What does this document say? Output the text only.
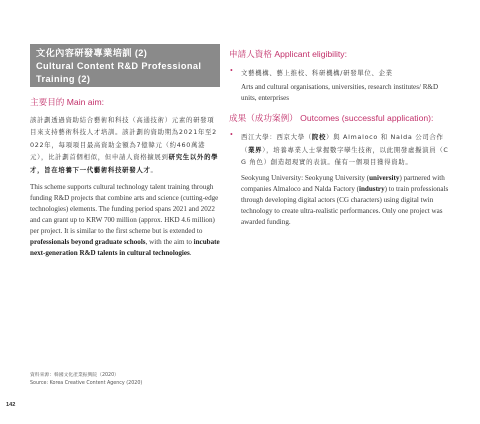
文化內容研發專業培訓 (2)
Cultural Content R&D Professional
Training (2)
主要目的 Main aim:
該計劃透過資助結合藝術和科技（高通技術）元素的研發項目來支持藝術科技人才培訓。該計劃的資助期為2021年至2022年，每項項目最高資助金額為7億韓元（約460萬港元），比計劃首個相似，但申請人資格擴展到研究生以外的學才，旨在培養下一代藝術科技研發人才。
This scheme supports cultural technology talent training through funding R&D projects that combine arts and science (cutting-edge technologies) elements. The funding period spans 2021 and 2022 and can grant up to KRW 700 million (approx. HKD 4.6 million) per project. It is similar to the first scheme but is extended to professionals beyond graduate schools, with the aim to incubate next-generation R&D talents in cultural technologies.
申請人資格 Applicant eligibility:
• 文藝機構、藝上推校、科研機構/研發單位、企業
Arts and cultural organisations, universities, research institutes/ R&D units, enterprises
成果（成功案例） Outcomes (successful application):
• 西江大學：西京大學（院校）與 Almaloco 和 Nalda 公司合作（業界），培養專業人士掌握數字孿生技術，以此開發虛擬演員（CG 角色）創造超現實的表演。僅有一個項目獲得資助。
Seokyung University: Seokyung University (university) partnered with companies Almaloco and Nalda Factory (industry) to train professionals through developing digital actors (CG characters) using digital twin technology to create ultra-realistic performances. Only one project was awarded funding.
資料來源：韓國文化產業振興院（2020）
Source: Korea Creative Content Agency (2020)
142
